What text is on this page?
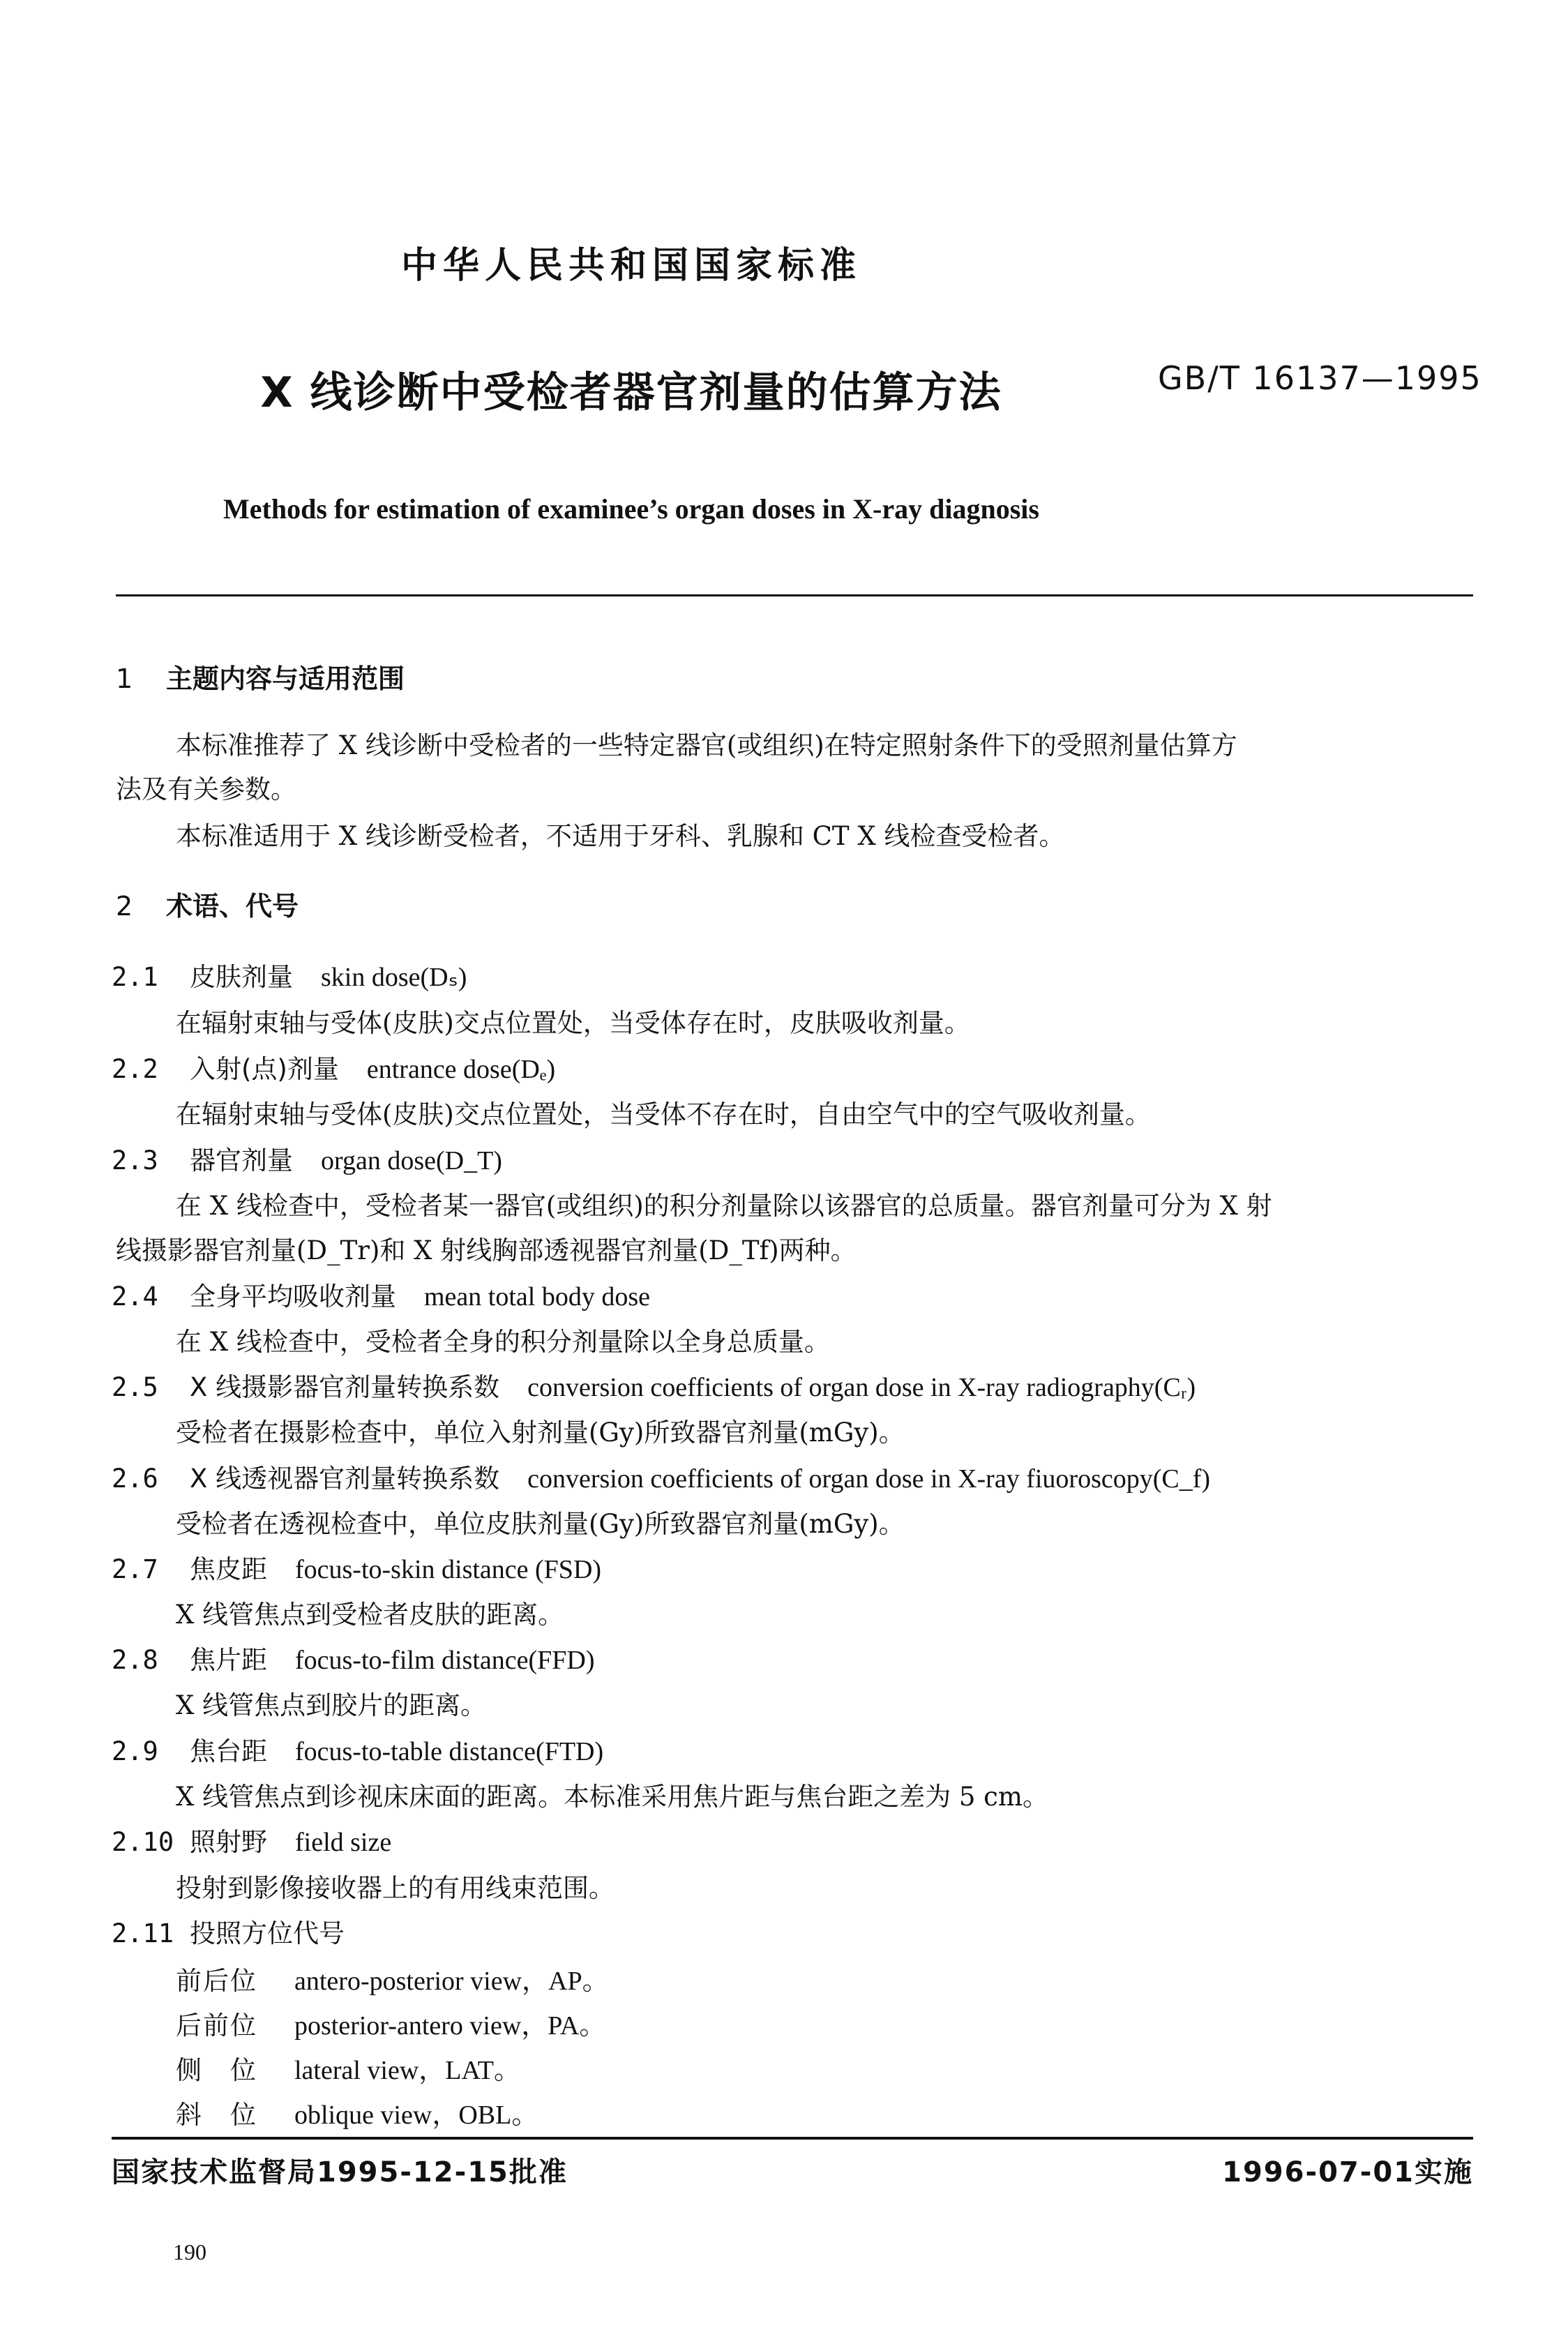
中华人民共和国国家标准
X 线诊断中受检者器官剂量的估算方法	GB/T 16137—1995
Methods for estimation of examinee’s organ doses in X-ray diagnosis
1 主题内容与适用范围
本标准推荐了 X 线诊断中受检者的一些特定器官(或组织)在特定照射条件下的受照剂量估算方
法及有关参数。
本标准适用于 X 线诊断受检者，不适用于牙科、乳腺和 CT X 线检查受检者。
2 术语、代号
2.1 皮肤剂量 skin dose(Dₛ)
在辐射束轴与受体(皮肤)交点位置处，当受体存在时，皮肤吸收剂量。
2.2 入射(点)剂量 entrance dose(Dₑ)
在辐射束轴与受体(皮肤)交点位置处，当受体不存在时，自由空气中的空气吸收剂量。
2.3 器官剂量 organ dose(D_T)
在 X 线检查中，受检者某一器官(或组织)的积分剂量除以该器官的总质量。器官剂量可分为 X 射
线摄影器官剂量(D_Tr)和 X 射线胸部透视器官剂量(D_Tf)两种。
2.4 全身平均吸收剂量 mean total body dose
在 X 线检查中，受检者全身的积分剂量除以全身总质量。
2.5 X 线摄影器官剂量转换系数 conversion coefficients of organ dose in X-ray radiography(Cᵣ)
受检者在摄影检查中，单位入射剂量(Gy)所致器官剂量(mGy)。
2.6 X 线透视器官剂量转换系数 conversion coefficients of organ dose in X-ray fiuoroscopy(C_f)
受检者在透视检查中，单位皮肤剂量(Gy)所致器官剂量(mGy)。
2.7 焦皮距 focus-to-skin distance (FSD)
X 线管焦点到受检者皮肤的距离。
2.8 焦片距 focus-to-film distance(FFD)
X 线管焦点到胶片的距离。
2.9 焦台距 focus-to-table distance(FTD)
X 线管焦点到诊视床床面的距离。本标准采用焦片距与焦台距之差为 5 cm。
2.10 照射野 field size
投射到影像接收器上的有用线束范围。
2.11 投照方位代号
前后位 antero-posterior view，AP。
后前位 posterior-antero view，PA。
侧　位 lateral view，LAT。
斜　位 oblique view，OBL。
国家技术监督局1995-12-15批准	1996-07-01实施
190
